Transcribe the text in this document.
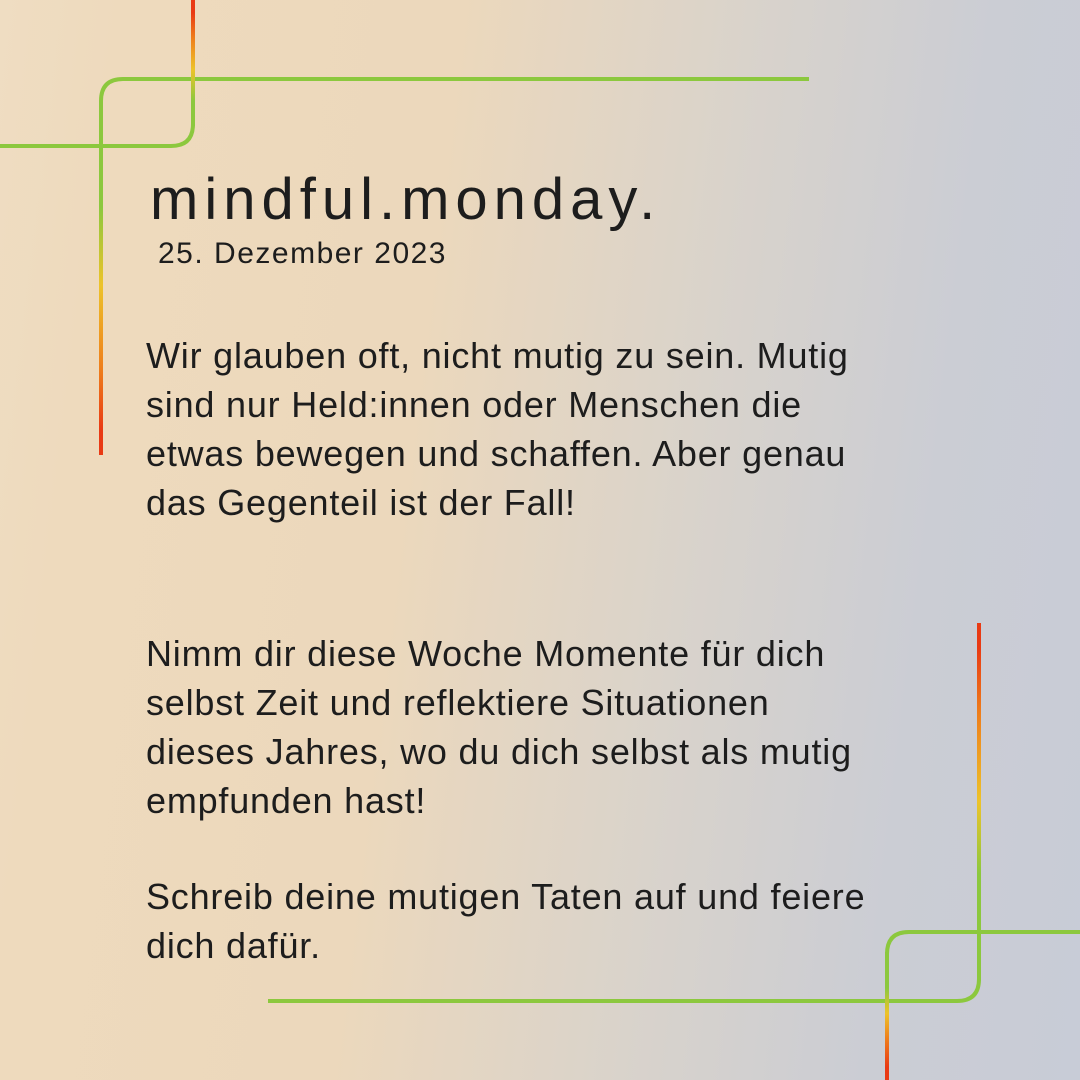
mindful.monday.
25. Dezember 2023
Wir glauben oft, nicht mutig zu sein. Mutig
sind nur Held:innen oder Menschen die
etwas bewegen und schaffen. Aber genau
das Gegenteil ist der Fall!
Nimm dir diese Woche Momente für dich
selbst Zeit und reflektiere Situationen
dieses Jahres, wo du dich selbst als mutig
empfunden hast!
Schreib deine mutigen Taten auf und feiere
dich dafür.
